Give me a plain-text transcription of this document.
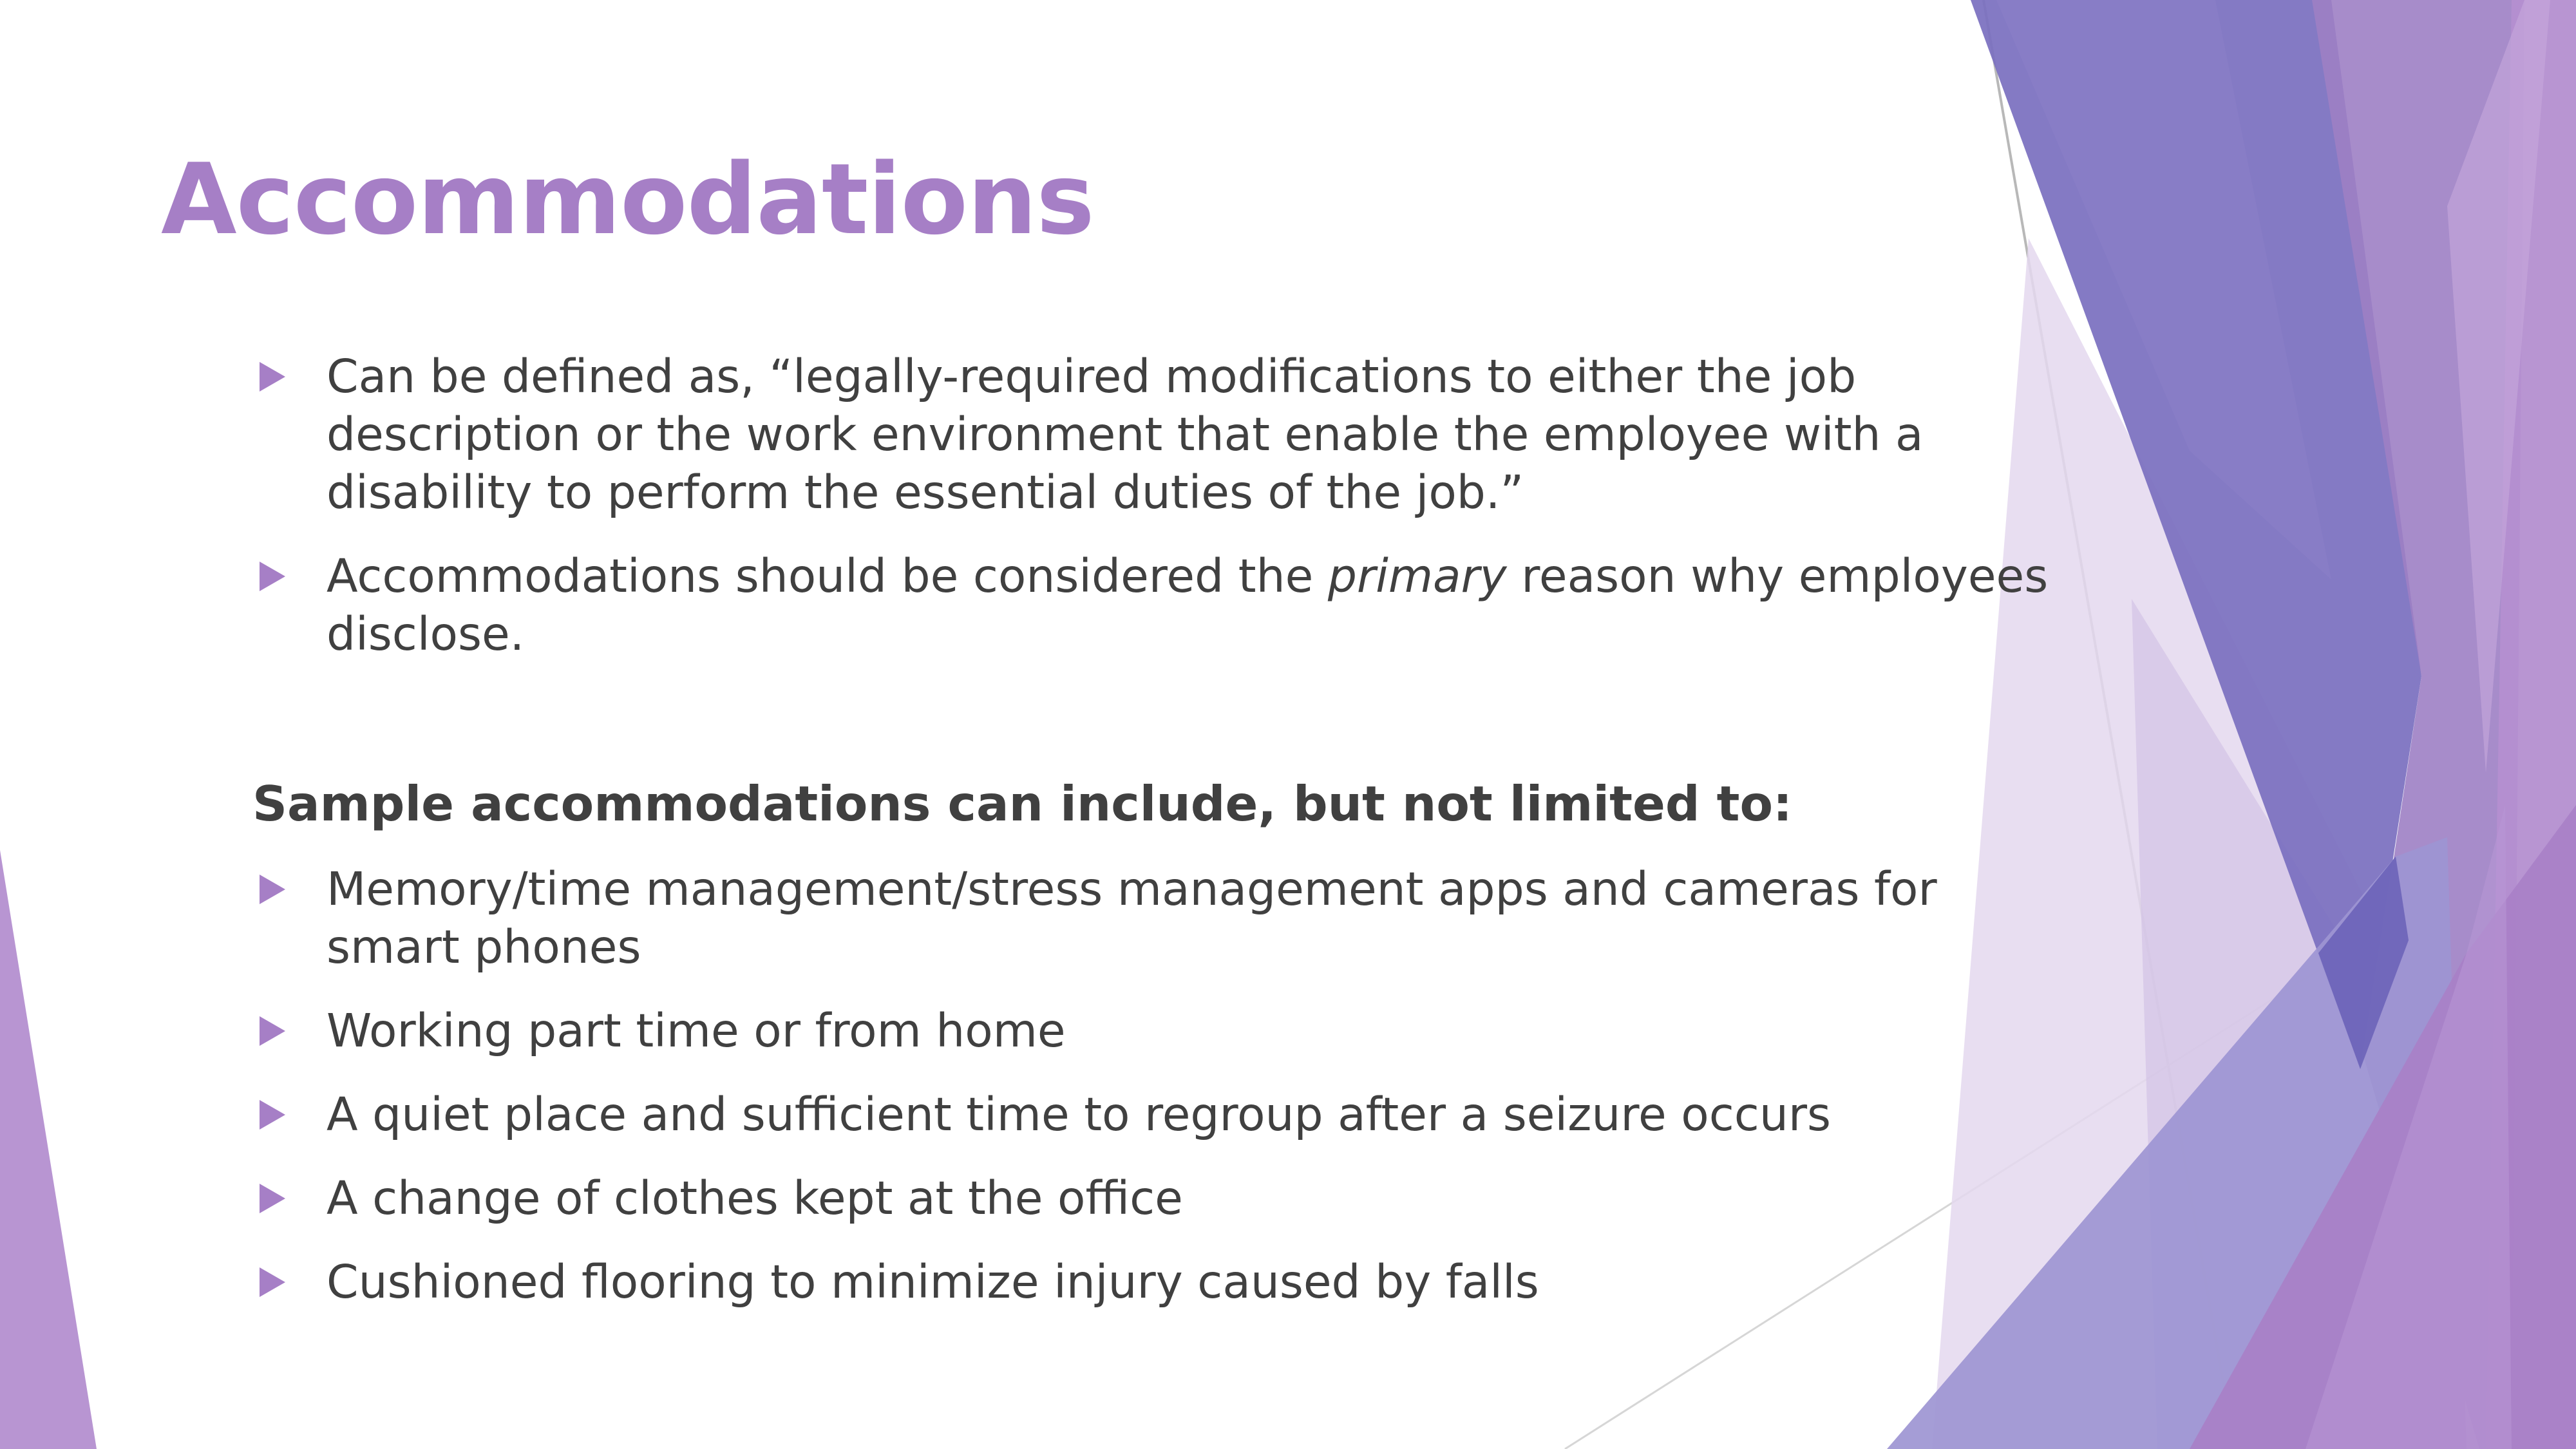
Accommodations
Can be defined as, “legally-required modifications to either the job description or the work environment that enable the employee with a disability to perform the essential duties of the job.”
Accommodations should be considered the primary reason why employees disclose.
Sample accommodations can include, but not limited to:
Memory/time management/stress management apps and cameras for smart phones
Working part time or from home
A quiet place and sufficient time to regroup after a seizure occurs
A change of clothes kept at the office
Cushioned flooring to minimize injury caused by falls
